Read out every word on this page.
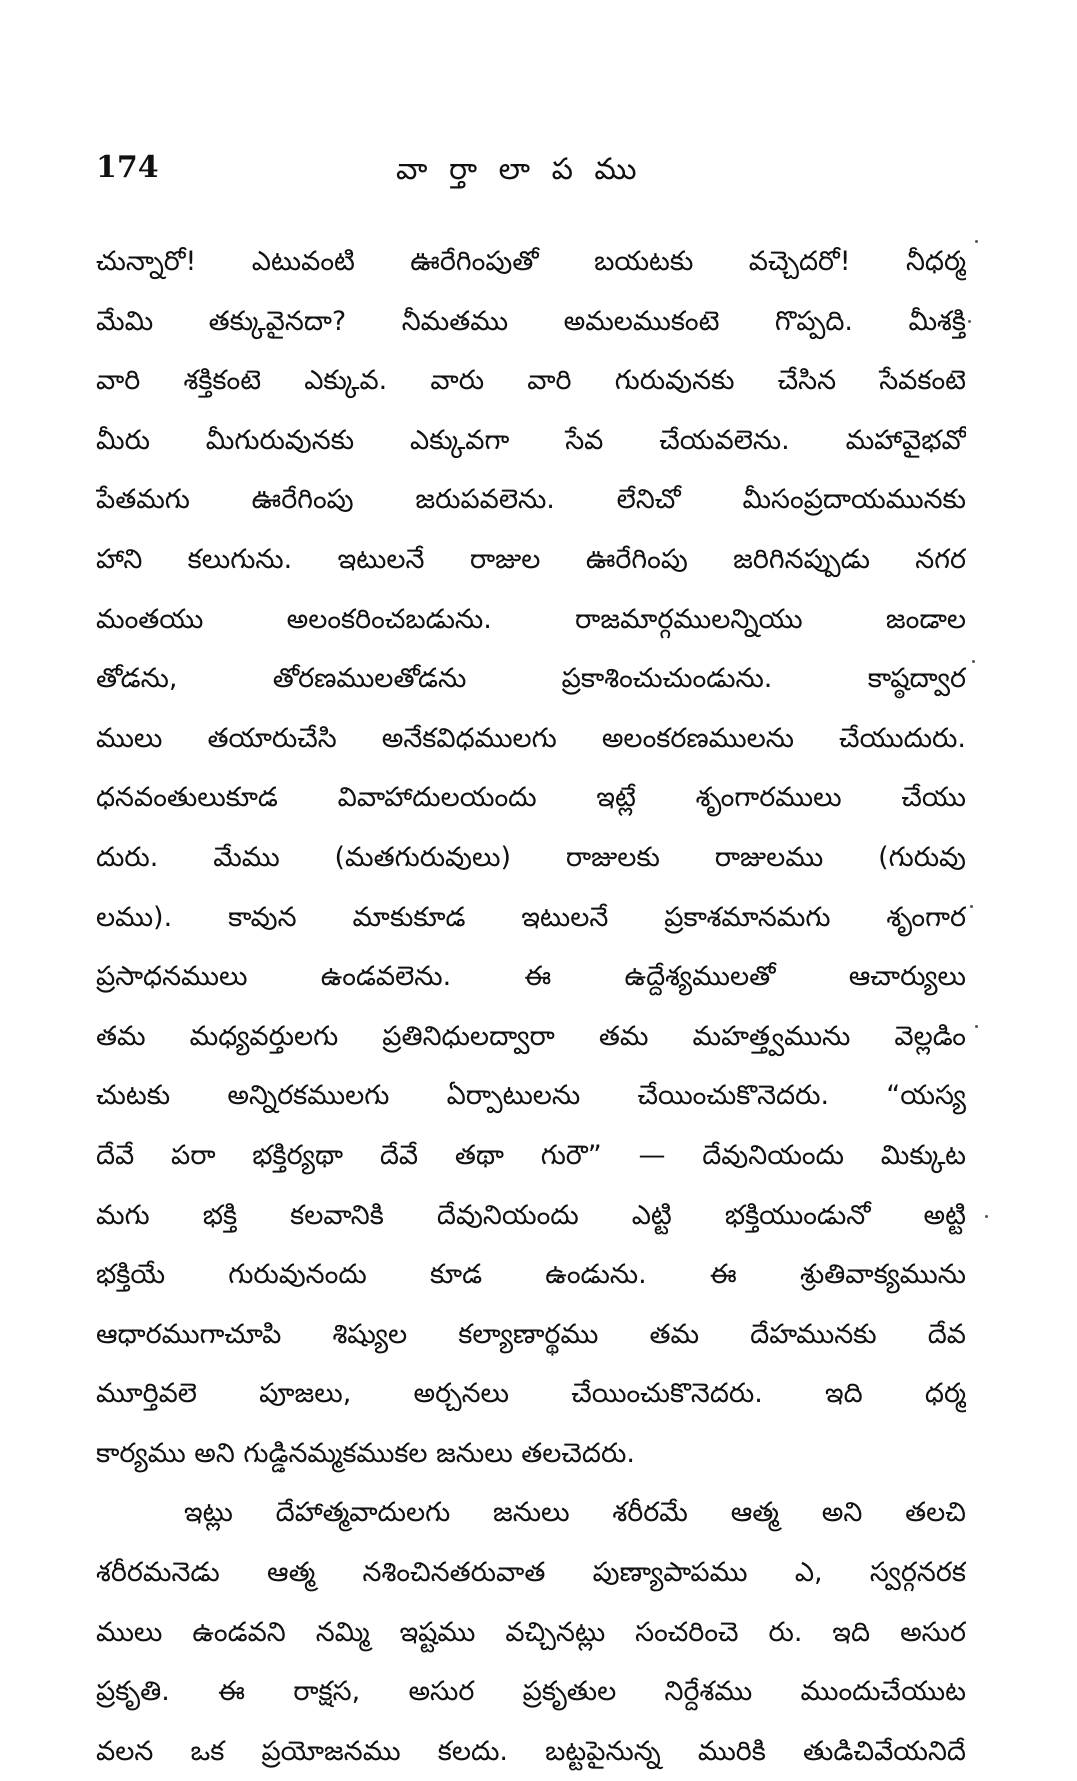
174	వా ర్తా లా ప ము
చున్నారో! ఎటువంటి ఊరేగింపుతో బయటకు వచ్చెదరో! నీధర్మ
మేమి తక్కువైనదా? నీమతము అమలముకంటె గొప్పది. మీశక్తి
వారి శక్తికంటె ఎక్కువ. వారు వారి గురువునకు చేసిన సేవకంటె
మీరు మీగురువునకు ఎక్కువగా సేవ చేయవలెను. మహావైభవో
పేతమగు ఊరేగింపు జరుపవలెను. లేనిచో మీసంప్రదాయమునకు
హాని కలుగును. ఇటులనే రాజుల ఊరేగింపు జరిగినప్పుడు నగర
మంతయు అలంకరించబడును. రాజమార్గములన్నియు జండాల
తోడను, తోరణములతోడను ప్రకాశించుచుండును. కాష్ఠద్వార
ములు తయారుచేసి అనేకవిధములగు అలంకరణములను చేయుదురు.
ధనవంతులుకూడ వివాహాదులయందు ఇట్లే శృంగారములు చేయు
దురు. మేము (మతగురువులు) రాజులకు రాజులము (గురువు
లము). కావున మాకుకూడ ఇటులనే ప్రకాశమానమగు శృంగార
ప్రసాధనములు ఉండవలెను. ఈ ఉద్దేశ్యములతో ఆచార్యులు
తమ మధ్యవర్తులగు ప్రతినిధులద్వారా తమ మహత్త్వమును వెల్లడిం
చుటకు అన్నిరకములగు ఏర్పాటులను చేయించుకొనెదరు. “యస్య
దేవే పరా భక్తిర్యథా దేవే తథా గురౌ” — దేవునియందు మిక్కుట
మగు భక్తి కలవానికి దేవునియందు ఎట్టి భక్తియుండునో అట్టి
భక్తియే గురువునందు కూడ ఉండును. ఈ శ్రుతివాక్యమును
ఆధారముగాచూపి శిష్యుల కల్యాణార్థము తమ దేహమునకు దేవ
మూర్తివలె పూజలు, అర్చనలు చేయించుకొనెదరు. ఇది ధర్మ
కార్యము అని గుడ్డినమ్మకముకల జనులు తలచెదరు.
ఇట్లు దేహాత్మవాదులగు జనులు శరీరమే ఆత్మ అని తలచి
శరీరమనెడు ఆత్మ నశించినతరువాత పుణ్యాపాపము ఎ, స్వర్గనరక
ములు ఉండవని నమ్మి ఇష్టము వచ్చినట్లు సంచరించె రు. ఇది అసుర
ప్రకృతి. ఈ రాక్షస, అసుర ప్రకృతుల నిర్దేశము ముందుచేయుట
వలన ఒక ప్రయోజనము కలదు. బట్టపైనున్న మురికి తుడిచివేయనిదే
